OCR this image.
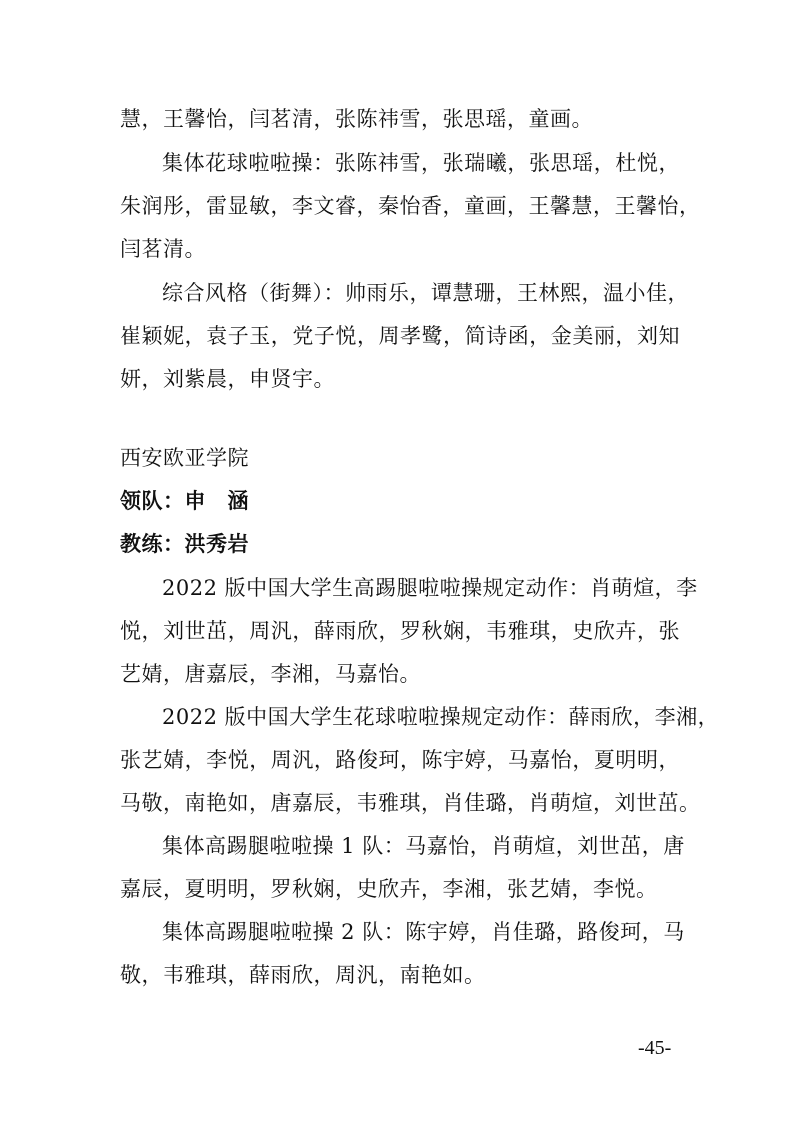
慧，王馨怡，闫茗清，张陈祎雪，张思瑶，童画。
集体花球啦啦操：张陈祎雪，张瑞曦，张思瑶，杜悦，
朱润彤，雷显敏，李文睿，秦怡香，童画，王馨慧，王馨怡，
闫茗清。
综合风格（街舞）：帅雨乐，谭慧珊，王林熙，温小佳，
崔颖妮，袁子玉，党子悦，周孝鹭，简诗函，金美丽，刘知
妍，刘紫晨，申贤宇。
西安欧亚学院
领队：申　涵
教练：洪秀岩
2022 版中国大学生高踢腿啦啦操规定动作：肖萌煊，李
悦，刘世茁，周汎，薛雨欣，罗秋娴，韦雅琪，史欣卉，张
艺婧，唐嘉辰，李湘，马嘉怡。
2022 版中国大学生花球啦啦操规定动作：薛雨欣，李湘，
张艺婧，李悦，周汎，路俊珂，陈宇婷，马嘉怡，夏明明，
马敬，南艳如，唐嘉辰，韦雅琪，肖佳璐，肖萌煊，刘世茁。
集体高踢腿啦啦操 1 队：马嘉怡，肖萌煊，刘世茁，唐
嘉辰，夏明明，罗秋娴，史欣卉，李湘，张艺婧，李悦。
集体高踢腿啦啦操 2 队：陈宇婷，肖佳璐，路俊珂，马
敬，韦雅琪，薛雨欣，周汎，南艳如。
-45-
